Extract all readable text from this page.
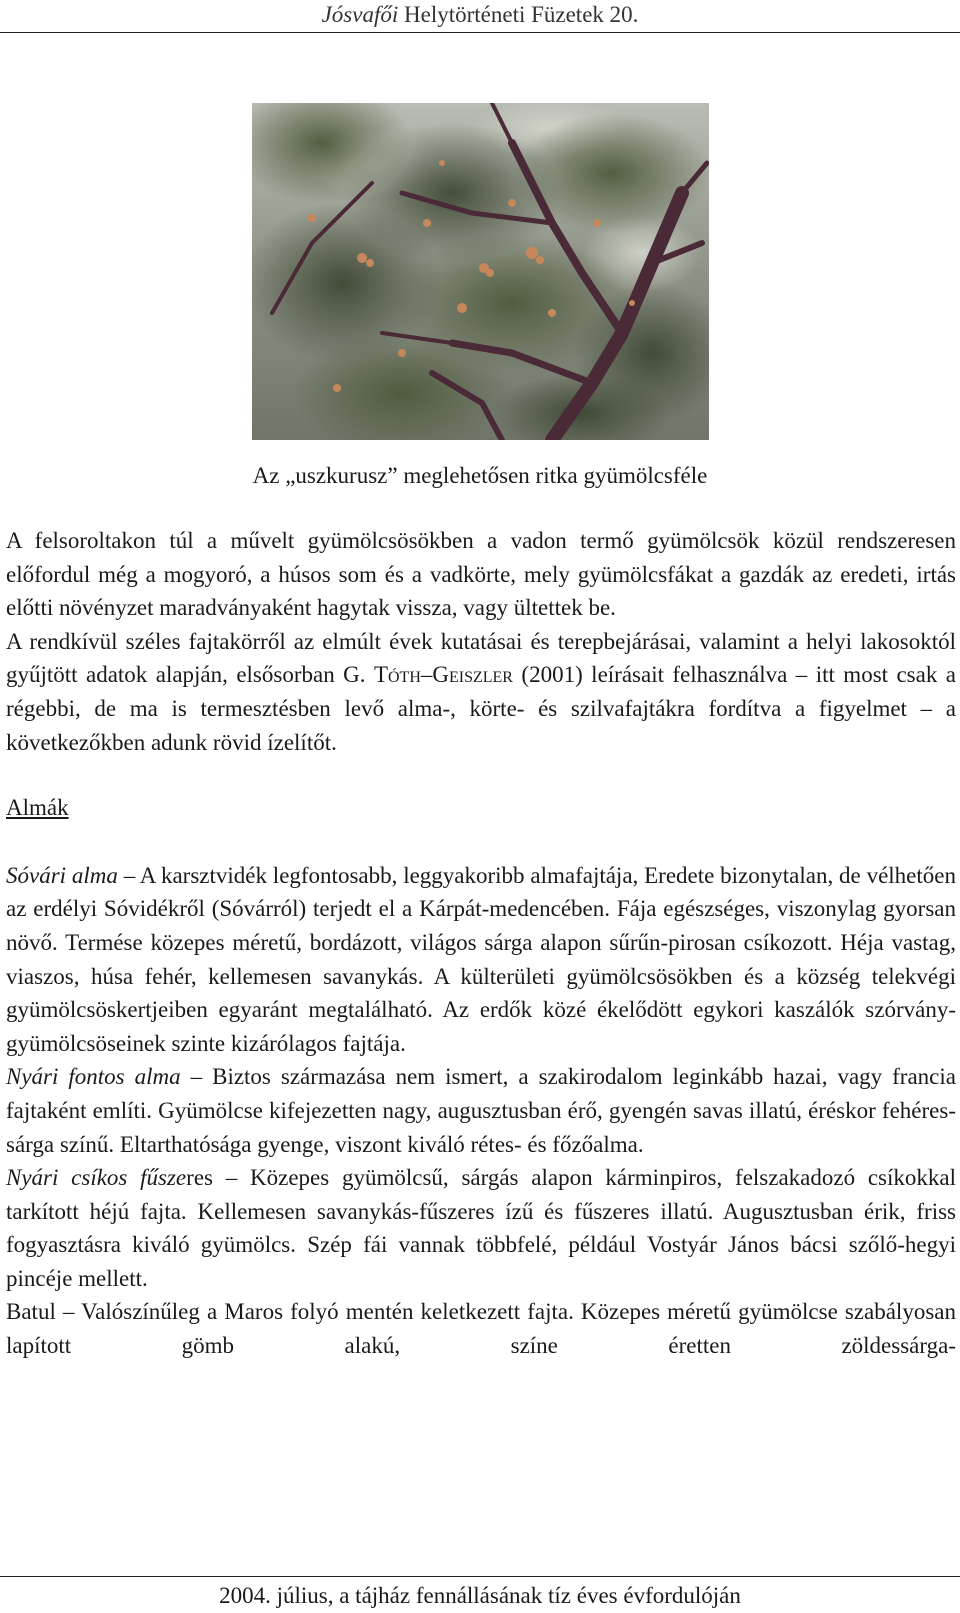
Jósvafői Helytörténeti Füzetek 20.
Az „uszkurusz” meglehetősen ritka gyümölcsféle

A felsoroltakon túl a művelt gyümölcsösökben a vadon termő gyümölcsök közül rendszeresen előfordul még a mogyoró, a húsos som és a vadkörte, mely gyümölcsfákat a gazdák az eredeti, irtás előtti növényzet maradványaként hagytak vissza, vagy ültettek be.

A rendkívül széles fajtakörről az elmúlt évek kutatásai és terepbejárásai, valamint a helyi lakosoktól gyűjtött adatok alapján, elsősorban G. Tóth–Geiszler (2001) leírásait felhasználva – itt most csak a régebbi, de ma is termesztésben levő alma-, körte- és szilvafajtákra fordítva a figyelmet – a következőkben adunk rövid ízelítőt.

Almák

Sóvári alma – A karsztvidék legfontosabb, leggyakoribb almafajtája, Eredete bizonytalan, de vélhetően az erdélyi Sóvidékről (Sóvárról) terjedt el a Kárpát-medencében. Fája egészséges, viszonylag gyorsan növő. Termése közepes méretű, bordázott, világos sárga alapon sűrűn-pirosan csíkozott. Héja vastag, viaszos, húsa fehér, kellemesen savanykás. A külterületi gyümölcsösökben és a község telekvégi gyümölcsöskertjeiben egyaránt megtalálható. Az erdők közé ékelődött egykori kaszálók szórvány-gyümölcsöseinek szinte kizárólagos fajtája.

Nyári fontos alma – Biztos származása nem ismert, a szakirodalom leginkább hazai, vagy francia fajtaként említi. Gyümölcse kifejezetten nagy, augusztusban érő, gyengén savas illatú, éréskor fehéres-sárga színű. Eltarthatósága gyenge, viszont kiváló rétes- és főzőalma.

Nyári csíkos fűszeres – Közepes gyümölcsű, sárgás alapon kárminpiros, felszakadozó csíkokkal tarkított héjú fajta. Kellemesen savanykás-fűszeres ízű és fűszeres illatú. Augusztusban érik, friss fogyasztásra kiváló gyümölcs. Szép fái vannak többfelé, például Vostyár János bácsi szőlő-hegyi pincéje mellett.

Batul – Valószínűleg a Maros folyó mentén keletkezett fajta. Közepes méretű gyümölcse szabályosan lapított gömb alakú, színe éretten zöldessárga-

2004. július, a tájház fennállásának tíz éves évfordulóján
